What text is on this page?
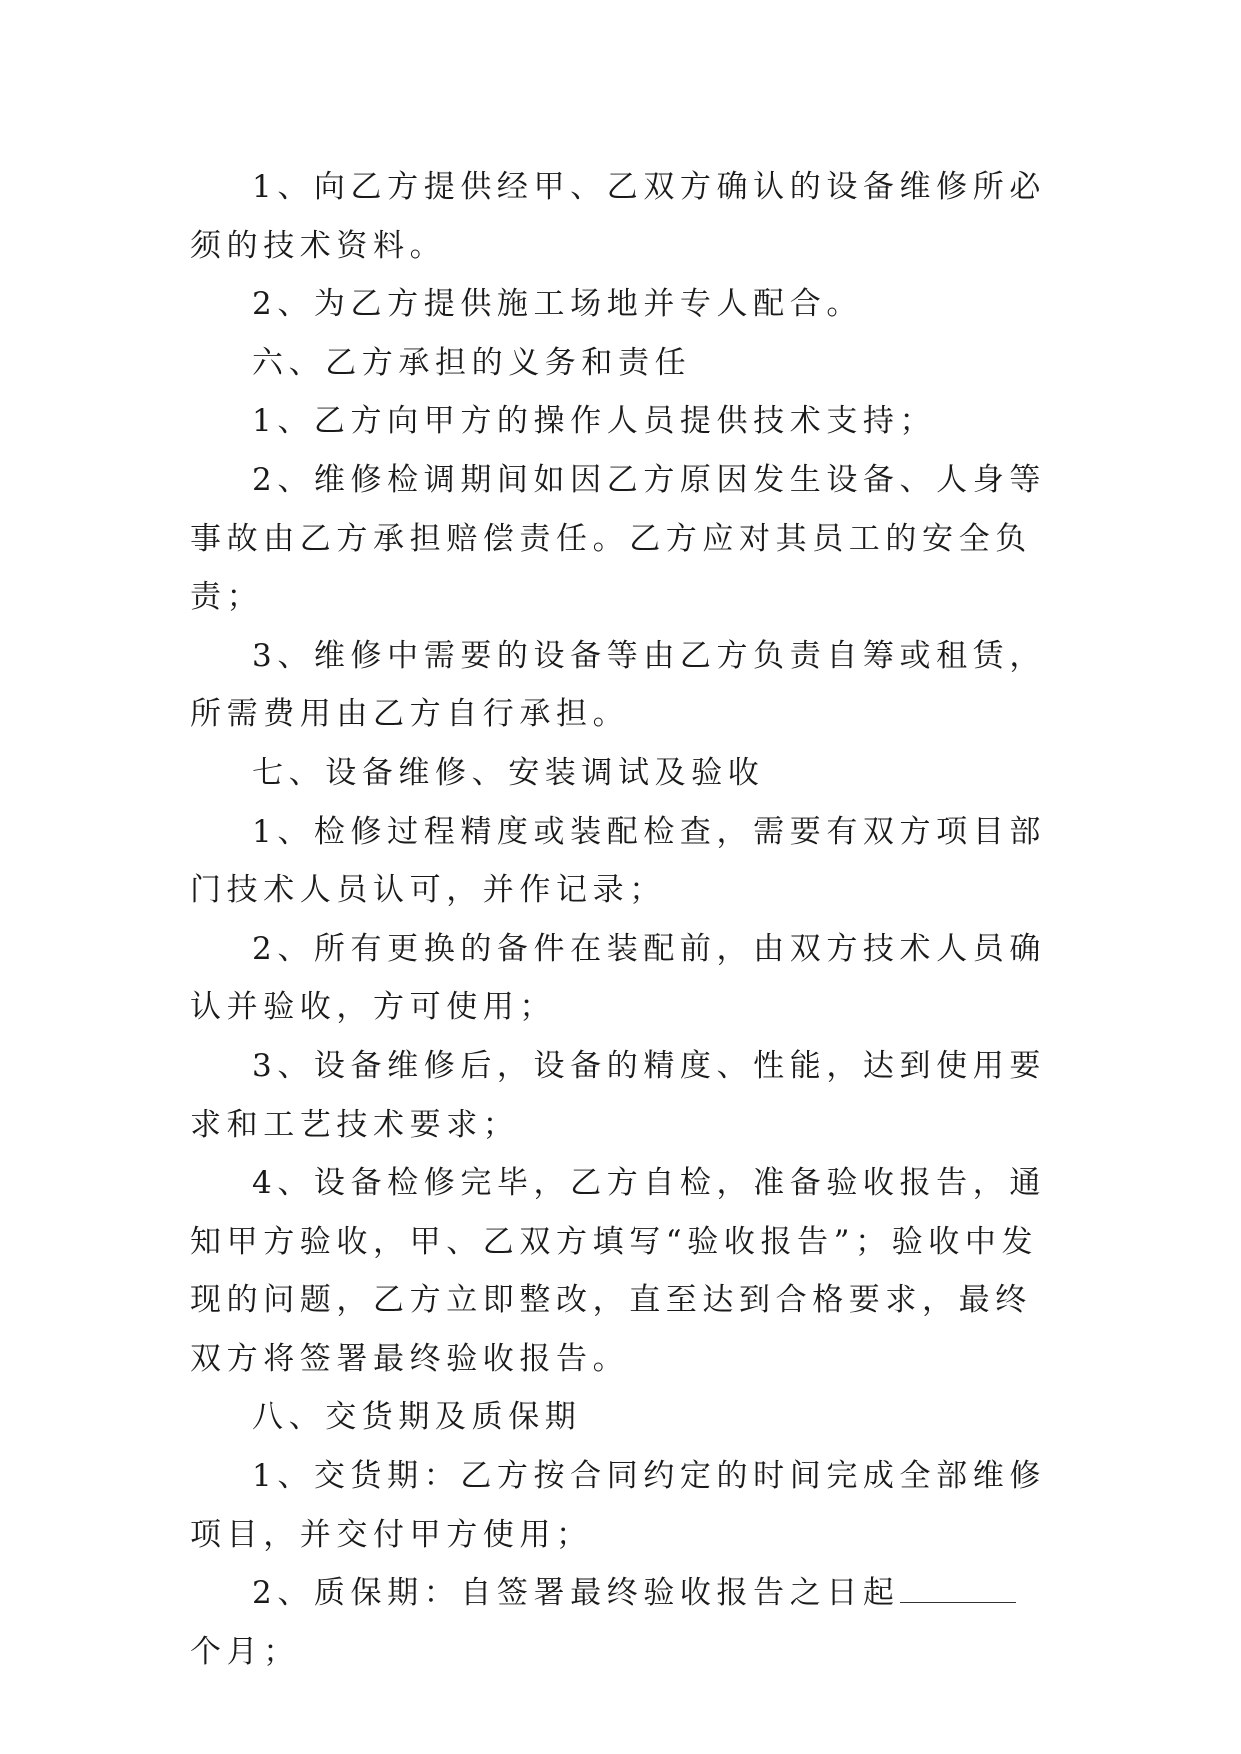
1、向乙方提供经甲、乙双方确认的设备维修所必须的技术资料。

2、为乙方提供施工场地并专人配合。

六、乙方承担的义务和责任

1、乙方向甲方的操作人员提供技术支持；

2、维修检调期间如因乙方原因发生设备、人身等事故由乙方承担赔偿责任。乙方应对其员工的安全负责；

3、维修中需要的设备等由乙方负责自筹或租赁，所需费用由乙方自行承担。

七、设备维修、安装调试及验收

1、检修过程精度或装配检查，需要有双方项目部门技术人员认可，并作记录；

2、所有更换的备件在装配前，由双方技术人员确认并验收，方可使用；

3、设备维修后，设备的精度、性能，达到使用要求和工艺技术要求；

4、设备检修完毕，乙方自检，准备验收报告，通知甲方验收，甲、乙双方填写“验收报告”；验收中发现的问题，乙方立即整改，直至达到合格要求，最终双方将签署最终验收报告。

八、交货期及质保期

1、交货期：乙方按合同约定的时间完成全部维修项目，并交付甲方使用；

2、质保期：自签署最终验收报告之日起个月；
